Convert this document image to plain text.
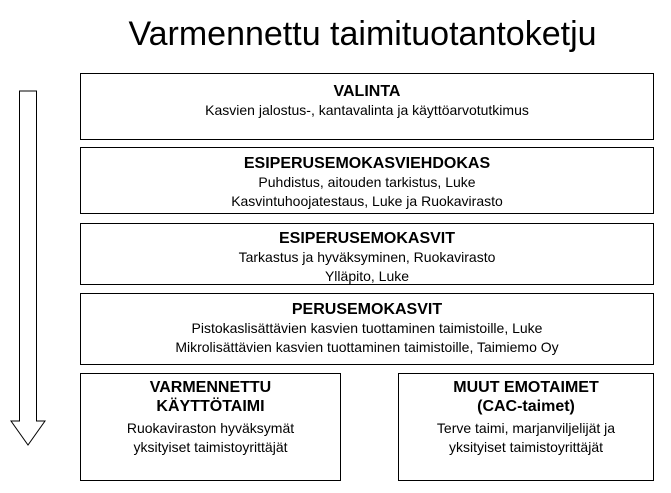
Varmennettu taimituotantoketju
VALINTA
Kasvien jalostus-, kantavalinta ja käyttöarvotutkimus
ESIPERUSEMOKASVIEHDOKAS
Puhdistus, aitouden tarkistus, Luke
Kasvintuhoojatestaus, Luke ja Ruokavirasto
ESIPERUSEMOKASVIT
Tarkastus ja hyväksyminen, Ruokavirasto
Ylläpito, Luke
PERUSEMOKASVIT
Pistokaslisättävien kasvien tuottaminen taimistoille, Luke
Mikrolisättävien kasvien tuottaminen taimistoille, Taimiemo Oy
VARMENNETTU
KÄYTTÖTAIMI
Ruokaviraston hyväksymät
yksityiset taimistoyrittäjät
MUUT EMOTAIMET
(CAC-taimet)
Terve taimi, marjanviljelijät ja
yksityiset taimistoyrittäjät
